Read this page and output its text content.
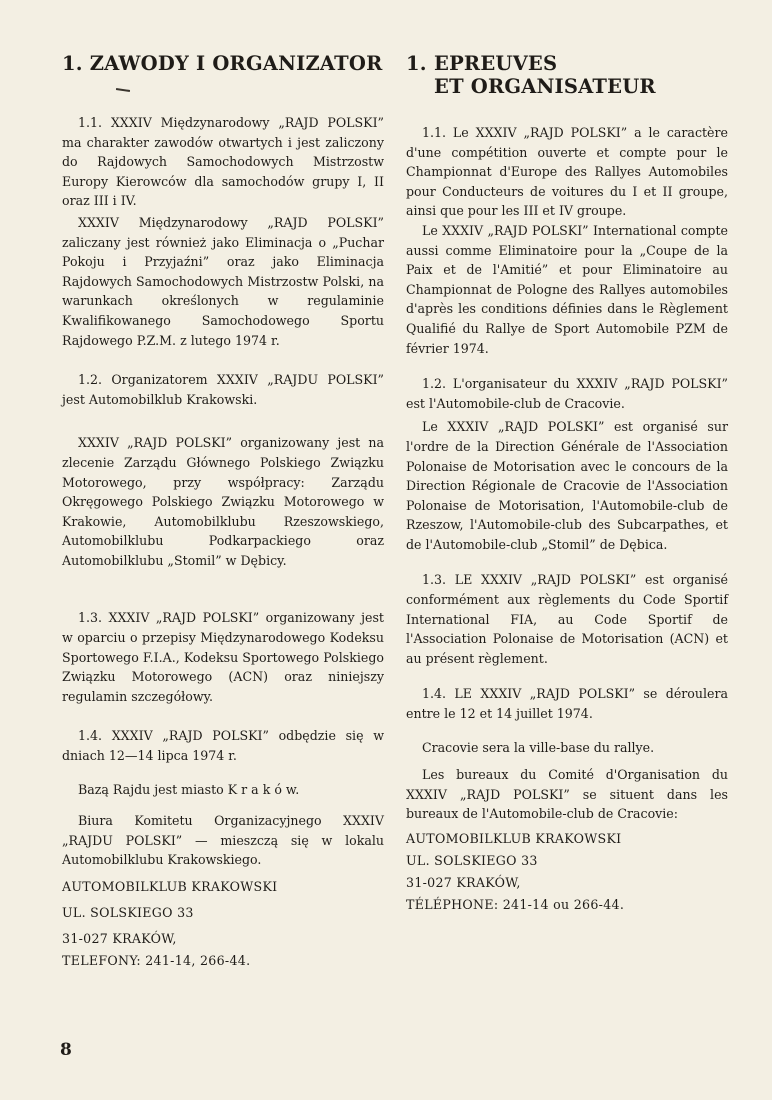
1. ZAWODY I ORGANIZATOR

1.1. XXXIV Międzynarodowy „RAJD POLSKI” ma charakter zawodów otwartych i jest zaliczony do Rajdowych Samochodowych Mistrzostw Europy Kierowców dla samochodów grupy I, II oraz III i IV.

XXXIV Międzynarodowy „RAJD POLSKI” zaliczany jest również jako Eliminacja o „Puchar Pokoju i Przyjaźni” oraz jako Eliminacja Rajdowych Samochodowych Mistrzostw Polski, na warunkach określonych w regulaminie Kwalifikowanego Samochodowego Sportu Rajdowego P.Z.M. z lutego 1974 r.

1.2. Organizatorem XXXIV „RAJDU POLSKI” jest Automobilklub Krakowski.

XXXIV „RAJD POLSKI” organizowany jest na zlecenie Zarządu Głównego Polskiego Związku Motorowego, przy współpracy: Zarządu Okręgowego Polskiego Związku Motorowego w Krakowie, Automobilklubu Rzeszowskiego, Automobilklubu Podkarpackiego oraz Automobilklubu „Stomil” w Dębicy.

1.3. XXXIV „RAJD POLSKI” organizowany jest w oparciu o przepisy Międzynarodowego Kodeksu Sportowego F.I.A., Kodeksu Sportowego Polskiego Związku Motorowego (ACN) oraz niniejszy regulamin szczegółowy.

1.4. XXXIV „RAJD POLSKI” odbędzie się w dniach 12—14 lipca 1974 r.

Bazą Rajdu jest miasto K r a k ó w.

Biura Komitetu Organizacyjnego XXXIV „RAJDU POLSKI” — mieszczą się w lokalu Automobilklubu Krakowskiego.

AUTOMOBILKLUB KRAKOWSKI

UL. SOLSKIEGO 33

31-027 KRAKÓW,

TELEFONY: 241-14, 266-44.

1. EPREUVES
ET ORGANISATEUR

1.1. Le XXXIV „RAJD POLSKI” a le caractère d'une compétition ouverte et compte pour le Championnat d'Europe des Rallyes Automobiles pour Conducteurs de voitures du I et II groupe, ainsi que pour les III et IV groupe.

Le XXXIV „RAJD POLSKI” International compte aussi comme Eliminatoire pour la „Coupe de la Paix et de l'Amitié” et pour Eliminatoire au Championnat de Pologne des Rallyes automobiles d'après les conditions définies dans le Règlement Qualifié du Rallye de Sport Automobile PZM de février 1974.

1.2. L'organisateur du XXXIV „RAJD POLSKI” est l'Automobile-club de Cracovie.

Le XXXIV „RAJD POLSKI” est organisé sur l'ordre de la Direction Générale de l'Association Polonaise de Motorisation avec le concours de la Direction Régionale de Cracovie de l'Association Polonaise de Motorisation, l'Automobile-club de Rzeszow, l'Automobile-club des Subcarpathes, et de l'Automobile-club „Stomil” de Dębica.

1.3. LE XXXIV „RAJD POLSKI” est organisé conformément aux règlements du Code Sportif International FIA, au Code Sportif de l'Association Polonaise de Motorisation (ACN) et au présent règlement.

1.4. LE XXXIV „RAJD POLSKI” se déroulera entre le 12 et 14 juillet 1974.

Cracovie sera la ville-base du rallye.

Les bureaux du Comité d'Organisation du XXXIV „RAJD POLSKI” se situent dans les bureaux de l'Automobile-club de Cracovie:

AUTOMOBILKLUB KRAKOWSKI

UL. SOLSKIEGO 33

31-027 KRAKÓW,

TÉLÉPHONE: 241-14 ou 266-44.

8
